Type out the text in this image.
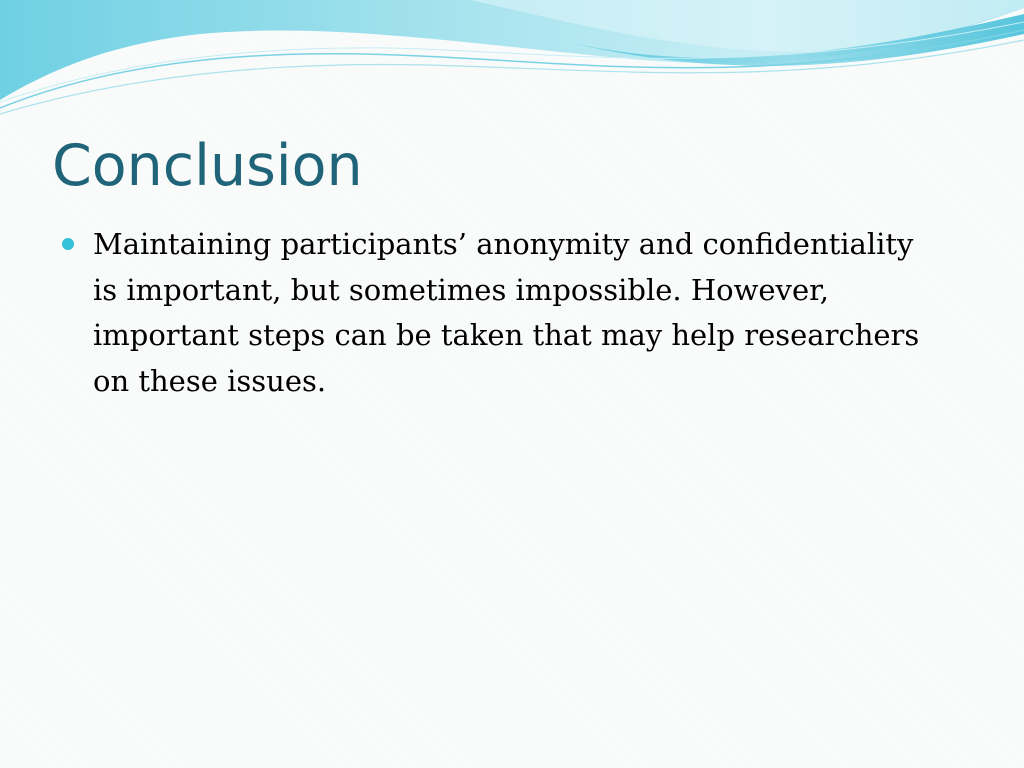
Conclusion
Maintaining participants’ anonymity and confidentiality is important, but sometimes impossible. However, important steps can be taken that may help researchers on these issues.
